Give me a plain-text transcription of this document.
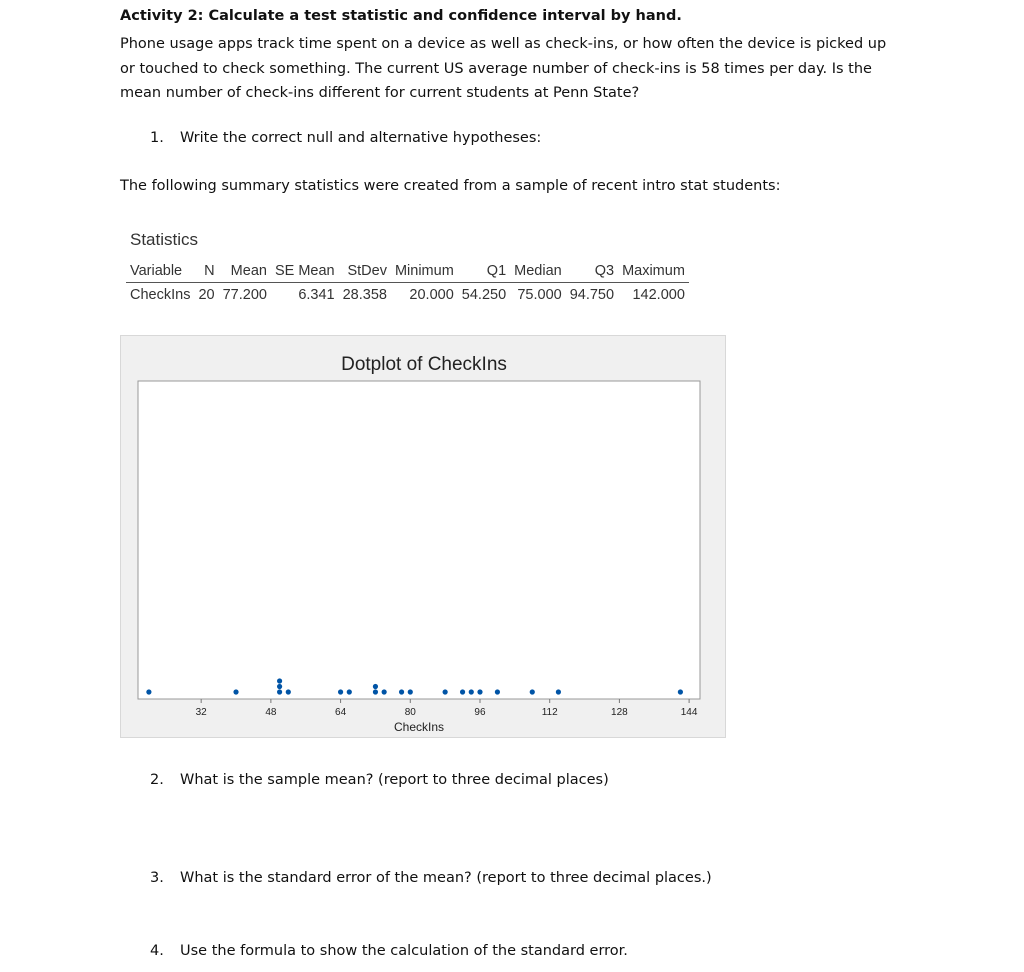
Activity 2: Calculate a test statistic and confidence interval by hand.
Phone usage apps track time spent on a device as well as check-ins, or how often the device is picked up
or touched to check something. The current US average number of check-ins is 58 times per day. Is the
mean number of check-ins different for current students at Penn State?
1. Write the correct null and alternative hypotheses:
The following summary statistics were created from a sample of recent intro stat students:
Statistics
Variable	N	Mean	SE Mean	StDev	Minimum	Q1	Median	Q3	Maximum
CheckIns	20	77.200	6.341	28.358	20.000	54.250	75.000	94.750	142.000
Dotplot of CheckIns
32	48	64	80	96	112	128	144
CheckIns
2. What is the sample mean? (report to three decimal places)
3. What is the standard error of the mean? (report to three decimal places.)
4. Use the formula to show the calculation of the standard error.
